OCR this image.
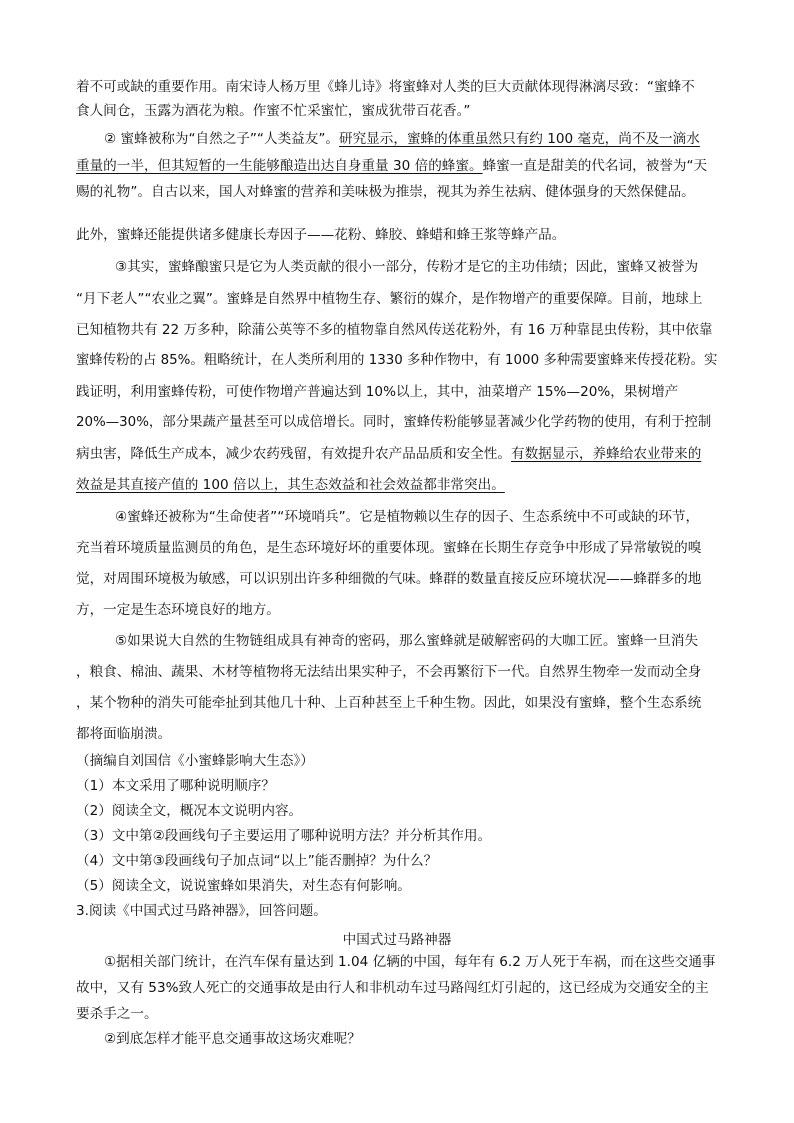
着不可或缺的重要作用。南宋诗人杨万里《蜂儿诗》将蜜蜂对人类的巨大贡献体现得淋漓尽致：“蜜蜂不
食人间仓，玉露为酒花为粮。作蜜不忙采蜜忙，蜜成犹带百花香。”
② 蜜蜂被称为“自然之子”“人类益友”。研究显示，蜜蜂的体重虽然只有约 100 毫克，尚不及一滴水
重量的一半，但其短暂的一生能够酿造出达自身重量 30 倍的蜂蜜。蜂蜜一直是甜美的代名词，被誉为“天
赐的礼物”。自古以来，国人对蜂蜜的营养和美味极为推崇，视其为养生祛病、健体强身的天然保健品。
此外，蜜蜂还能提供诸多健康长寿因子——花粉、蜂胶、蜂蜡和蜂王浆等蜂产品。
③其实，蜜蜂酿蜜只是它为人类贡献的很小一部分，传粉才是它的主功伟绩；因此，蜜蜂又被誉为
“月下老人”“农业之翼”。蜜蜂是自然界中植物生存、繁衍的媒介，是作物增产的重要保障。目前，地球上
已知植物共有 22 万多种，除蒲公英等不多的植物靠自然风传送花粉外，有 16 万种靠昆虫传粉，其中依靠
蜜蜂传粉的占 85%。粗略统计，在人类所利用的 1330 多种作物中，有 1000 多种需要蜜蜂来传授花粉。实
践证明，利用蜜蜂传粉，可使作物增产普遍达到 10%以上，其中，油菜增产 15%—20%，果树增产
20%—30%，部分果蔬产量甚至可以成倍增长。同时，蜜蜂传粉能够显著减少化学药物的使用，有利于控制
病虫害，降低生产成本，减少农药残留，有效提升农产品品质和安全性。有数据显示，养蜂给农业带来的
效益是其直接产值的 100 倍以上，其生态效益和社会效益都非常突出。
④蜜蜂还被称为“生命使者”“环境哨兵”。它是植物赖以生存的因子、生态系统中不可或缺的环节，
充当着环境质量监测员的角色，是生态环境好坏的重要体现。蜜蜂在长期生存竞争中形成了异常敏锐的嗅
觉，对周围环境极为敏感，可以识别出许多种细微的气味。蜂群的数量直接反应环境状况——蜂群多的地
方，一定是生态环境良好的地方。
⑤如果说大自然的生物链组成具有神奇的密码，那么蜜蜂就是破解密码的大咖工匠。蜜蜂一旦消失
，粮食、棉油、蔬果、木材等植物将无法结出果实种子，不会再繁衍下一代。自然界生物牵一发而动全身
，某个物种的消失可能牵扯到其他几十种、上百种甚至上千种生物。因此，如果没有蜜蜂，整个生态系统
都将面临崩溃。
（摘编自刘国信《小蜜蜂影响大生态》）
（1）本文采用了哪种说明顺序？
（2）阅读全文，概况本文说明内容。
（3）文中第②段画线句子主要运用了哪种说明方法？并分析其作用。
（4）文中第③段画线句子加点词“以上”能否删掉？为什么？
（5）阅读全文，说说蜜蜂如果消失，对生态有何影响。
3.阅读《中国式过马路神器》，回答问题。
中国式过马路神器
①据相关部门统计，在汽车保有量达到 1.04 亿辆的中国，每年有 6.2 万人死于车祸，而在这些交通事
故中，又有 53%致人死亡的交通事故是由行人和非机动车过马路闯红灯引起的，这已经成为交通安全的主
要杀手之一。
②到底怎样才能平息交通事故这场灾难呢？
